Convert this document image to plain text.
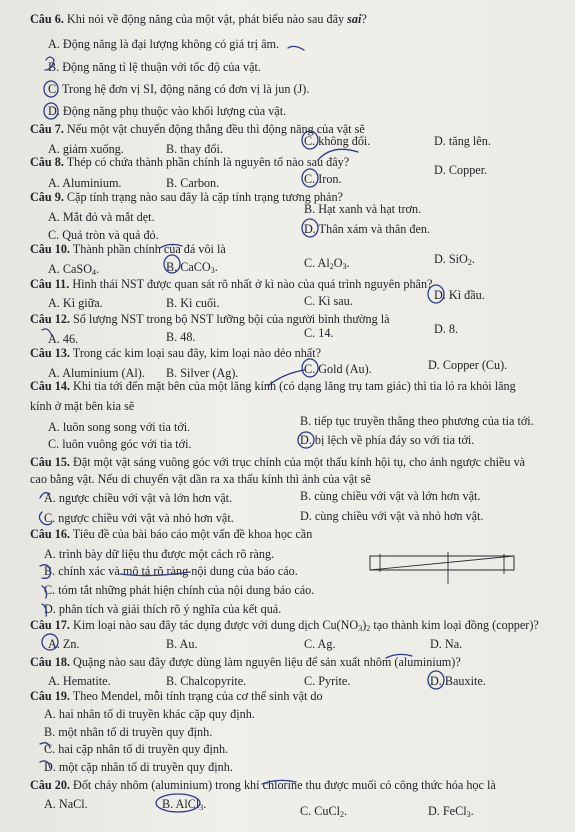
Câu 6. Khi nói về động năng của một vật, phát biểu nào sau đây sai?
A. Động năng là đại lượng không có giá trị âm.
B. Động năng tỉ lệ thuận với tốc độ của vật.
C. Trong hệ đơn vị SI, động năng có đơn vị là jun (J).
D. Động năng phụ thuộc vào khối lượng của vật.
Câu 7. Nếu một vật chuyển động thẳng đều thì động năng của vật sẽ
A. giảm xuống.	B. thay đổi.
C. không đổi.	D. tăng lên.
Câu 8. Thép có chứa thành phần chính là nguyên tố nào sau đây?
A. Aluminium.	B. Carbon.	C. Iron.
D. Copper.
Câu 9. Cặp tính trạng nào sau đây là cặp tính trạng tương phản?
A. Mắt đỏ và mắt dẹt.
B. Hạt xanh và hạt trơn.
C. Quả tròn và quả đỏ.	D. Thân xám và thân đen.
Câu 10. Thành phần chính của đá vôi là
A. CaSO$_4$.	B. CaCO$_3$.	C. $Al_2O_3$.	D. SiO$_2$.
Câu 11. Hình thái NST được quan sát rõ nhất ở kì nào của quá trình nguyên phân?
A. Kì giữa.	B. Kì cuối.	C. Kì sau.	D. Kì đầu.
Câu 12. Số lượng NST trong bộ NST lưỡng bội của người bình thường là
A. 46.	B. 48.	C. 14.	D. 8.
Câu 13. Trong các kim loại sau đây, kim loại nào dẻo nhất?
A. Aluminium (Al). B. Silver (Ag).	C. Gold (Au).	D. Copper (Cu).
Câu 14. Khi tia tới đến mặt bên của một lăng kính (có dạng lăng trụ tam giác) thì tia ló ra khỏi lăng
kính ở mặt bên kia sẽ
A. luôn song song với tia tới.	B. tiếp tục truyền thẳng theo phương của tia tới.
C. luôn vuông góc với tia tới.	D. bị lệch về phía đáy so với tia tới.
Câu 15. Đặt một vật sáng vuông góc với trục chính của một thấu kính hội tụ, cho ảnh ngược chiều và
cao bằng vật. Nếu di chuyển vật dần ra xa thấu kính thì ảnh của vật sẽ
A. ngược chiều với vật và lớn hơn vật.	B. cùng chiều với vật và lớn hơn vật.
C. ngược chiều với vật và nhỏ hơn vật.	D. cùng chiều với vật và nhỏ hơn vật.
Câu 16. Tiêu đề của bài báo cáo một vấn đề khoa học cần
A. trình bày dữ liệu thu được một cách rõ ràng.
B. chính xác và mô tả rõ ràng nội dung của báo cáo.
C. tóm tắt những phát hiện chính của nội dung báo cáo.
D. phân tích và giải thích rõ ý nghĩa của kết quả.
Câu 17. Kim loại nào sau đây tác dụng được với dung dịch $Cu(NO_3)_2$ tạo thành kim loại đồng (copper)?
A. Zn.	B. Au.	C. Ag.	D. Na.
Câu 18. Quặng nào sau đây được dùng làm nguyên liệu để sản xuất nhôm (aluminium)?
A. Hematite.	B. Chalcopyrite.	C. Pyrite.	D. Bauxite.
Câu 19. Theo Mendel, mỗi tính trạng của cơ thể sinh vật do
A. hai nhân tố di truyền khác cặp quy định.
B. một nhân tố di truyền quy định.
C. hai cặp nhân tố di truyền quy định.
D. một cặp nhân tố di truyền quy định.
Câu 20. Đốt cháy nhôm (aluminium) trong khí chlorine thu được muối có công thức hóa học là
A. NaCl.	B. AlCl$_3$.	C. CuCl$_2$.	D. FeCl$_3$.
